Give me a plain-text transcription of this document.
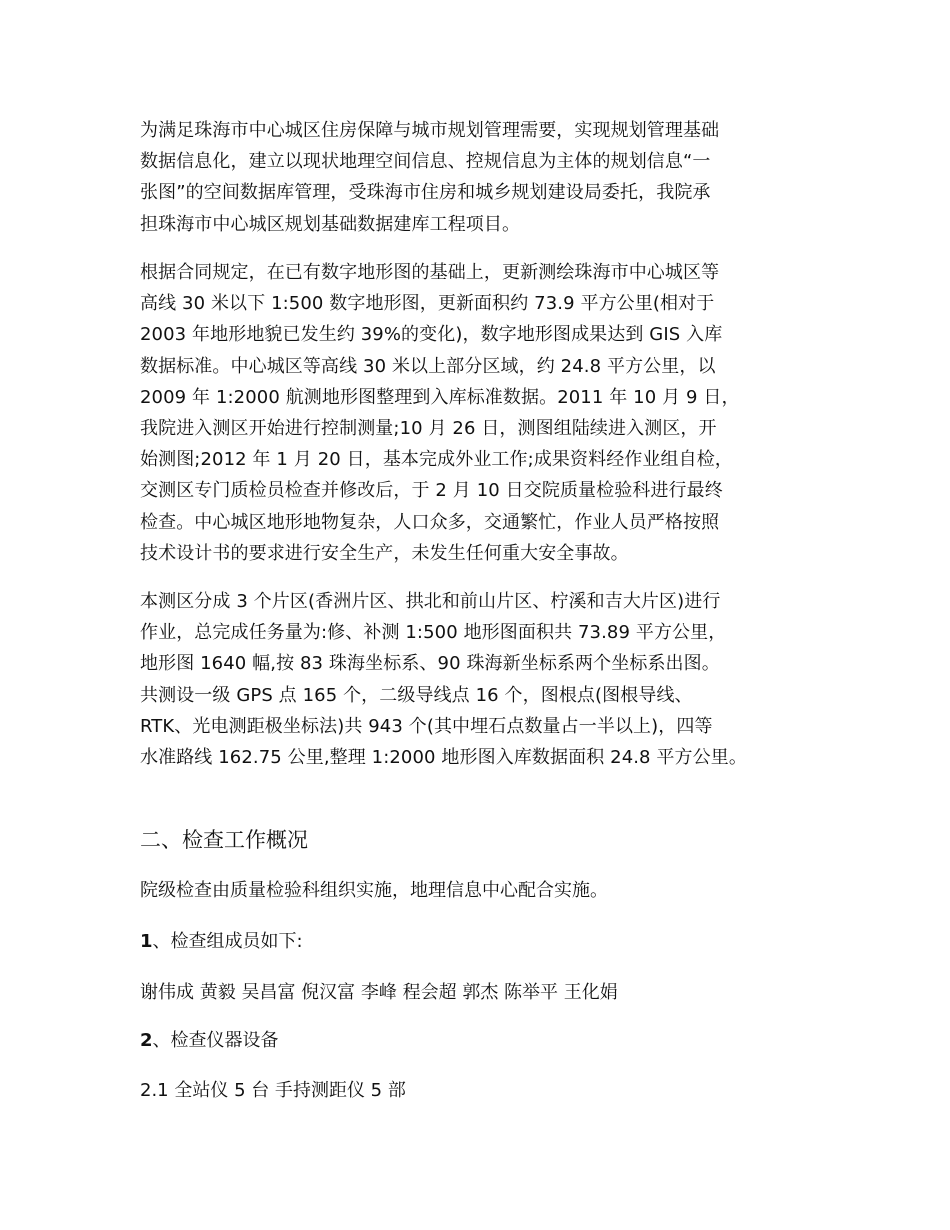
为满足珠海市中心城区住房保障与城市规划管理需要，实现规划管理基础
数据信息化，建立以现状地理空间信息、控规信息为主体的规划信息“一
张图”的空间数据库管理，受珠海市住房和城乡规划建设局委托，我院承
担珠海市中心城区规划基础数据建库工程项目。
根据合同规定，在已有数字地形图的基础上，更新测绘珠海市中心城区等
高线 30 米以下 1:500 数字地形图，更新面积约 73.9 平方公里(相对于
2003 年地形地貌已发生约 39%的变化)，数字地形图成果达到 GIS 入库
数据标准。中心城区等高线 30 米以上部分区域，约 24.8 平方公里，以
2009 年 1:2000 航测地形图整理到入库标准数据。2011 年 10 月 9 日，
我院进入测区开始进行控制测量;10 月 26 日，测图组陆续进入测区，开
始测图;2012 年 1 月 20 日，基本完成外业工作;成果资料经作业组自检，
交测区专门质检员检查并修改后，于 2 月 10 日交院质量检验科进行最终
检查。中心城区地形地物复杂，人口众多，交通繁忙，作业人员严格按照
技术设计书的要求进行安全生产，未发生任何重大安全事故。
本测区分成 3 个片区(香洲片区、拱北和前山片区、柠溪和吉大片区)进行
作业，总完成任务量为:修、补测 1:500 地形图面积共 73.89 平方公里，
地形图 1640 幅,按 83 珠海坐标系、90 珠海新坐标系两个坐标系出图。
共测设一级 GPS 点 165 个，二级导线点 16 个，图根点(图根导线、
RTK、光电测距极坐标法)共 943 个(其中埋石点数量占一半以上)，四等
水准路线 162.75 公里,整理 1:2000 地形图入库数据面积 24.8 平方公里。
二、检查工作概况
院级检查由质量检验科组织实施，地理信息中心配合实施。
1、检查组成员如下:
谢伟成 黄毅 吴昌富 倪汉富 李峰 程会超 郭杰 陈举平 王化娟
2、检查仪器设备
2.1 全站仪 5 台 手持测距仪 5 部
